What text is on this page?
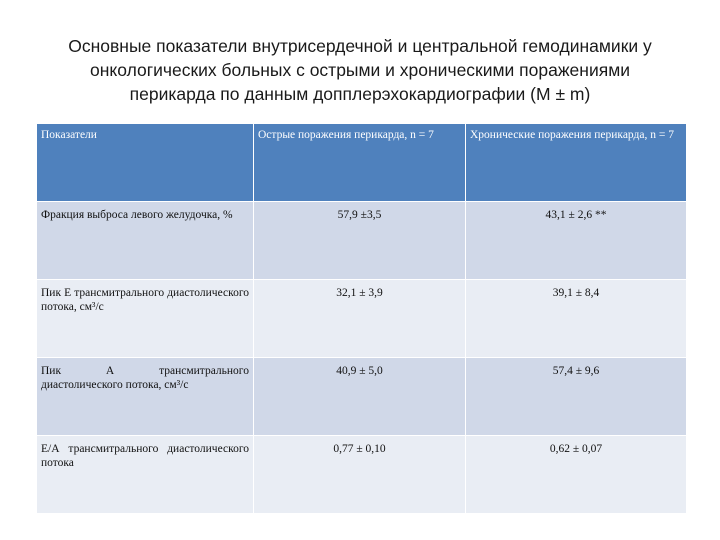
Основные показатели внутрисердечной и центральной гемодинамики у
онкологических больных с острыми и хроническими поражениями
перикарда по данным допплерэхокардиографии (M ± m)
Показатели	Острые поражения перикарда, n = 7	Хронические поражения перикарда, n = 7
Фракция выброса левого желудочка, %	57,9 ±3,5	43,1 ± 2,6 **
Пик Е трансмитрального диастолического потока, см³/с	32,1 ± 3,9	39,1 ± 8,4
Пик А трансмитрального диастолического потока, см³/с	40,9 ± 5,0	57,4 ± 9,6
Е/А трансмитрального диастолического потока	0,77 ± 0,10	0,62 ± 0,07
